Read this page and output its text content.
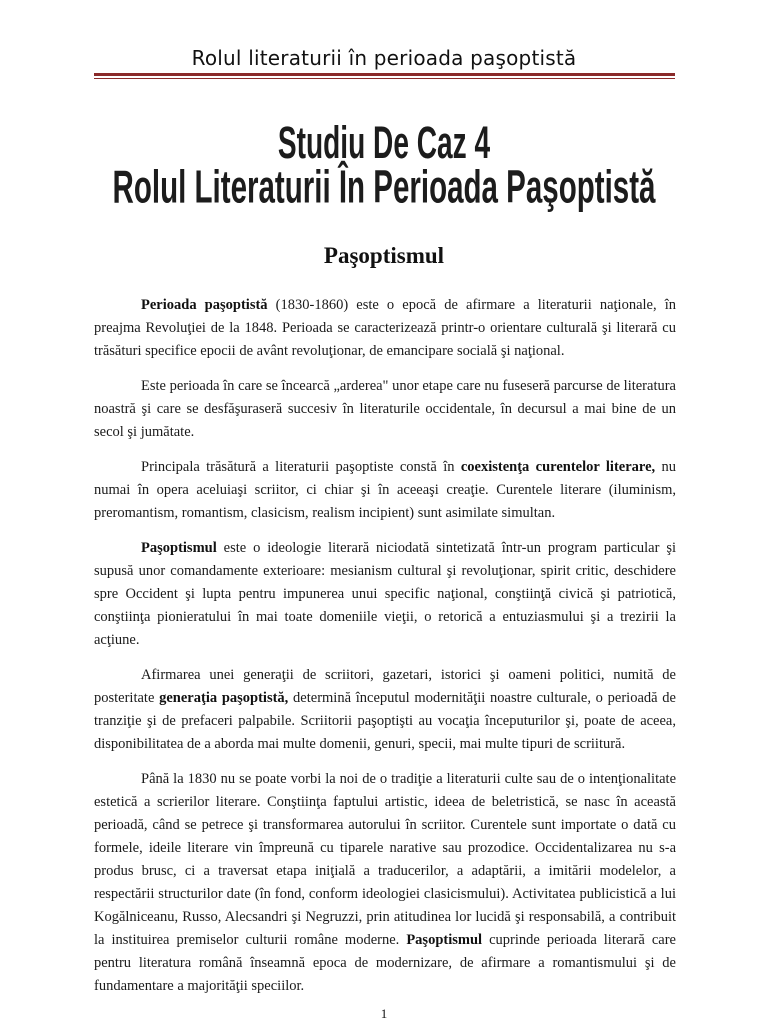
Rolul literaturii în perioada paşoptistă
Studiu De Caz 4
Rolul Literaturii În Perioada Paşoptistă
Paşoptismul

Perioada paşoptistă (1830-1860) este o epocă de afirmare a literaturii naţionale, în preajma Revoluţiei de la 1848. Perioada se caracterizează printr-o orientare culturală şi literară cu trăsături specifice epocii de avânt revoluţionar, de emancipare socială şi naţional.

Este perioada în care se încearcă „arderea" unor etape care nu fuseseră parcurse de literatura noastră şi care se desfăşuraseră succesiv în literaturile occidentale, în decursul a mai bine de un secol şi jumătate.

Principala trăsătură a literaturii paşoptiste constă în coexistenţa curentelor literare, nu numai în opera aceluiaşi scriitor, ci chiar şi în aceeaşi creaţie. Curentele literare (iluminism, preromantism, romantism, clasicism, realism incipient) sunt asimilate simultan.

Paşoptismul este o ideologie literară niciodată sintetizată într-un program particular şi supusă unor comandamente exterioare: mesianism cultural şi revoluţionar, spirit critic, deschidere spre Occident şi lupta pentru impunerea unui specific naţional, conştiinţă civică şi patriotică, conştiinţa pionieratului în mai toate domeniile vieţii, o retorică a entuziasmului şi a trezirii la acţiune.

Afirmarea unei generaţii de scriitori, gazetari, istorici şi oameni politici, numită de posteritate generaţia paşoptistă, determină începutul modernităţii noastre culturale, o perioadă de tranziţie şi de prefaceri palpabile. Scriitorii paşoptişti au vocaţia începuturilor şi, poate de aceea, disponibilitatea de a aborda mai multe domenii, genuri, specii, mai multe tipuri de scriitură.

Până la 1830 nu se poate vorbi la noi de o tradiţie a literaturii culte sau de o intenţionalitate estetică a scrierilor literare. Conştiinţa faptului artistic, ideea de beletristică, se nasc în această perioadă, când se petrece şi transformarea autorului în scriitor. Curentele sunt importate o dată cu formele, ideile literare vin împreună cu tiparele narative sau prozodice. Occidentalizarea nu s-a produs brusc, ci a traversat etapa iniţială a traducerilor, a adaptării, a imitării modelelor, a respectării structurilor date (în fond, conform ideologiei clasicismului). Activitatea publicistică a lui Kogălniceanu, Russo, Alecsandri şi Negruzzi, prin atitudinea lor lucidă şi responsabilă, a contribuit la instituirea premiselor culturii române moderne. Paşoptismul cuprinde perioada literară care pentru literatura română înseamnă epoca de modernizare, de afirmare a romantismului şi de fundamentare a majorităţii speciilor.

1
